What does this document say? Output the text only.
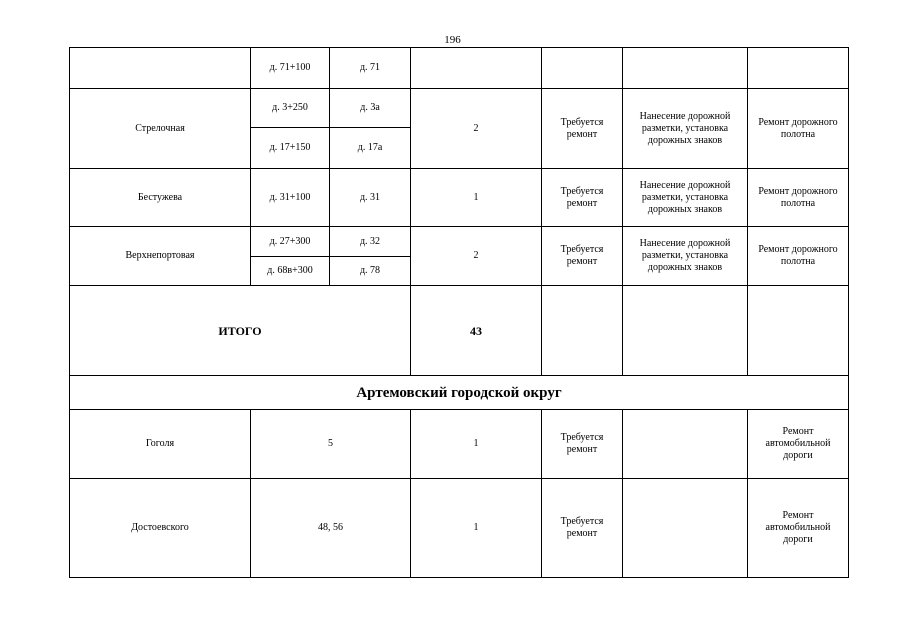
196
	д. 71+100	д. 71				
Стрелочная	д. 3+250	д. 3а	2	Требуется ремонт	Нанесение дорожной разметки, установка дорожных знаков	Ремонт дорожного полотна
	д. 17+150	д. 17а				
Бестужева	д. 31+100	д. 31	1	Требуется ремонт	Нанесение дорожной разметки, установка дорожных знаков	Ремонт дорожного полотна
Верхнепортовая	д. 27+300	д. 32	2	Требуется ремонт	Нанесение дорожной разметки, установка дорожных знаков	Ремонт дорожного полотна
	д. 68в+300	д. 78				
ИТОГО			43			
Артемовский городской округ						
Гоголя	5		1	Требуется ремонт		Ремонт автомобильной дороги
Достоевского	48, 56		1	Требуется ремонт		Ремонт автомобильной дороги
